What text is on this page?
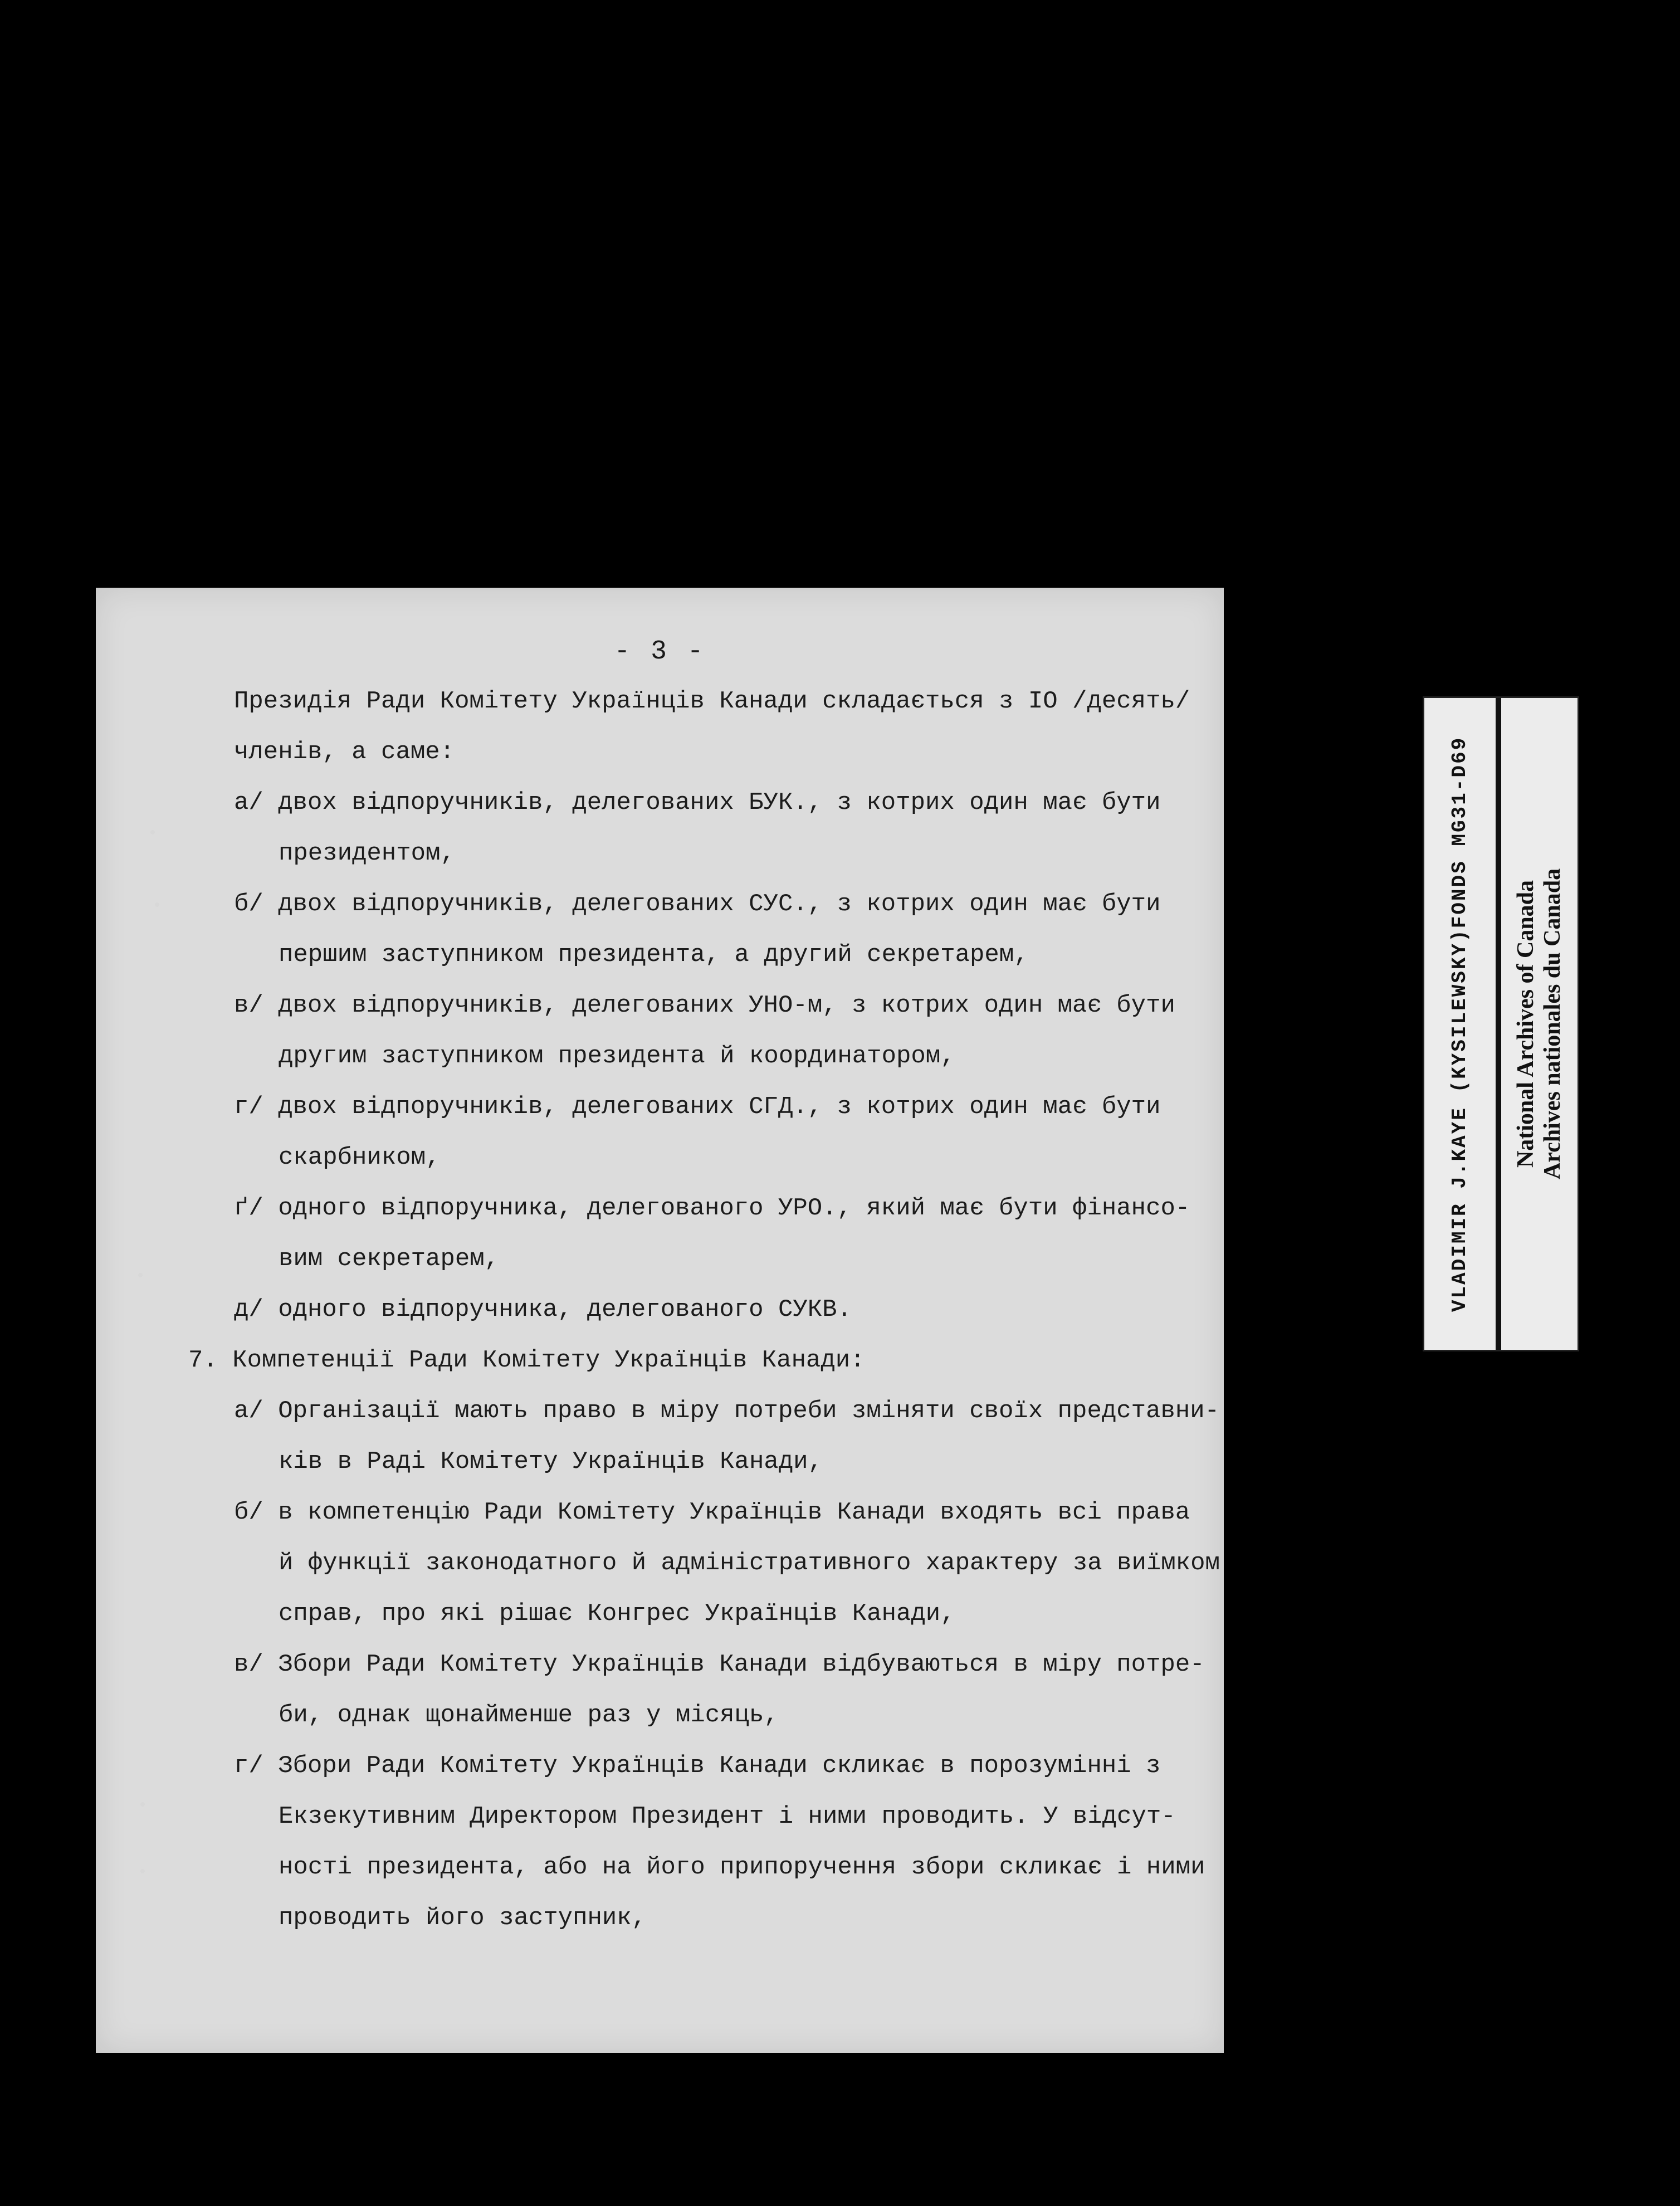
- 3 -
Президія Ради Комітету Українців Канади складається з IO /десять/
членів, а саме:
а/ двох відпоручників, делегованих БУК., з котрих один має бути
президентом,
б/ двох відпоручників, делегованих СУС., з котрих один має бути
першим заступником президента, а другий секретарем,
в/ двох відпоручників, делегованих УНО-м, з котрих один має бути
другим заступником президента й координатором,
г/ двох відпоручників, делегованих СГД., з котрих один має бути
скарбником,
ґ/ одного відпоручника, делегованого УРО., який має бути фінансо-
вим секретарем,
д/ одного відпоручника, делегованого СУКВ.
7. Компетенції Ради Комітету Українців Канади:
а/ Організації мають право в міру потреби зміняти своїх представни-
ків в Раді Комітету Українців Канади,
б/ в компетенцію Ради Комітету Українців Канади входять всі права
й функції законодатного й адміністративного характеру за виїмком
справ, про які рішає Конгрес Українців Канади,
в/ Збори Ради Комітету Українців Канади відбуваються в міру потре-
би, однак щонайменше раз у місяць,
г/ Збори Ради Комітету Українців Канади скликає в порозумінні з
Екзекутивним Директором Президент і ними проводить. У відсут-
ності президента, або на його припоручення збори скликає і ними
проводить його заступник,
VLADIMIR J.KAYE (KYSILEWSKY)FONDS MG31-D69 National Archives of Canada Archives nationales du Canada
